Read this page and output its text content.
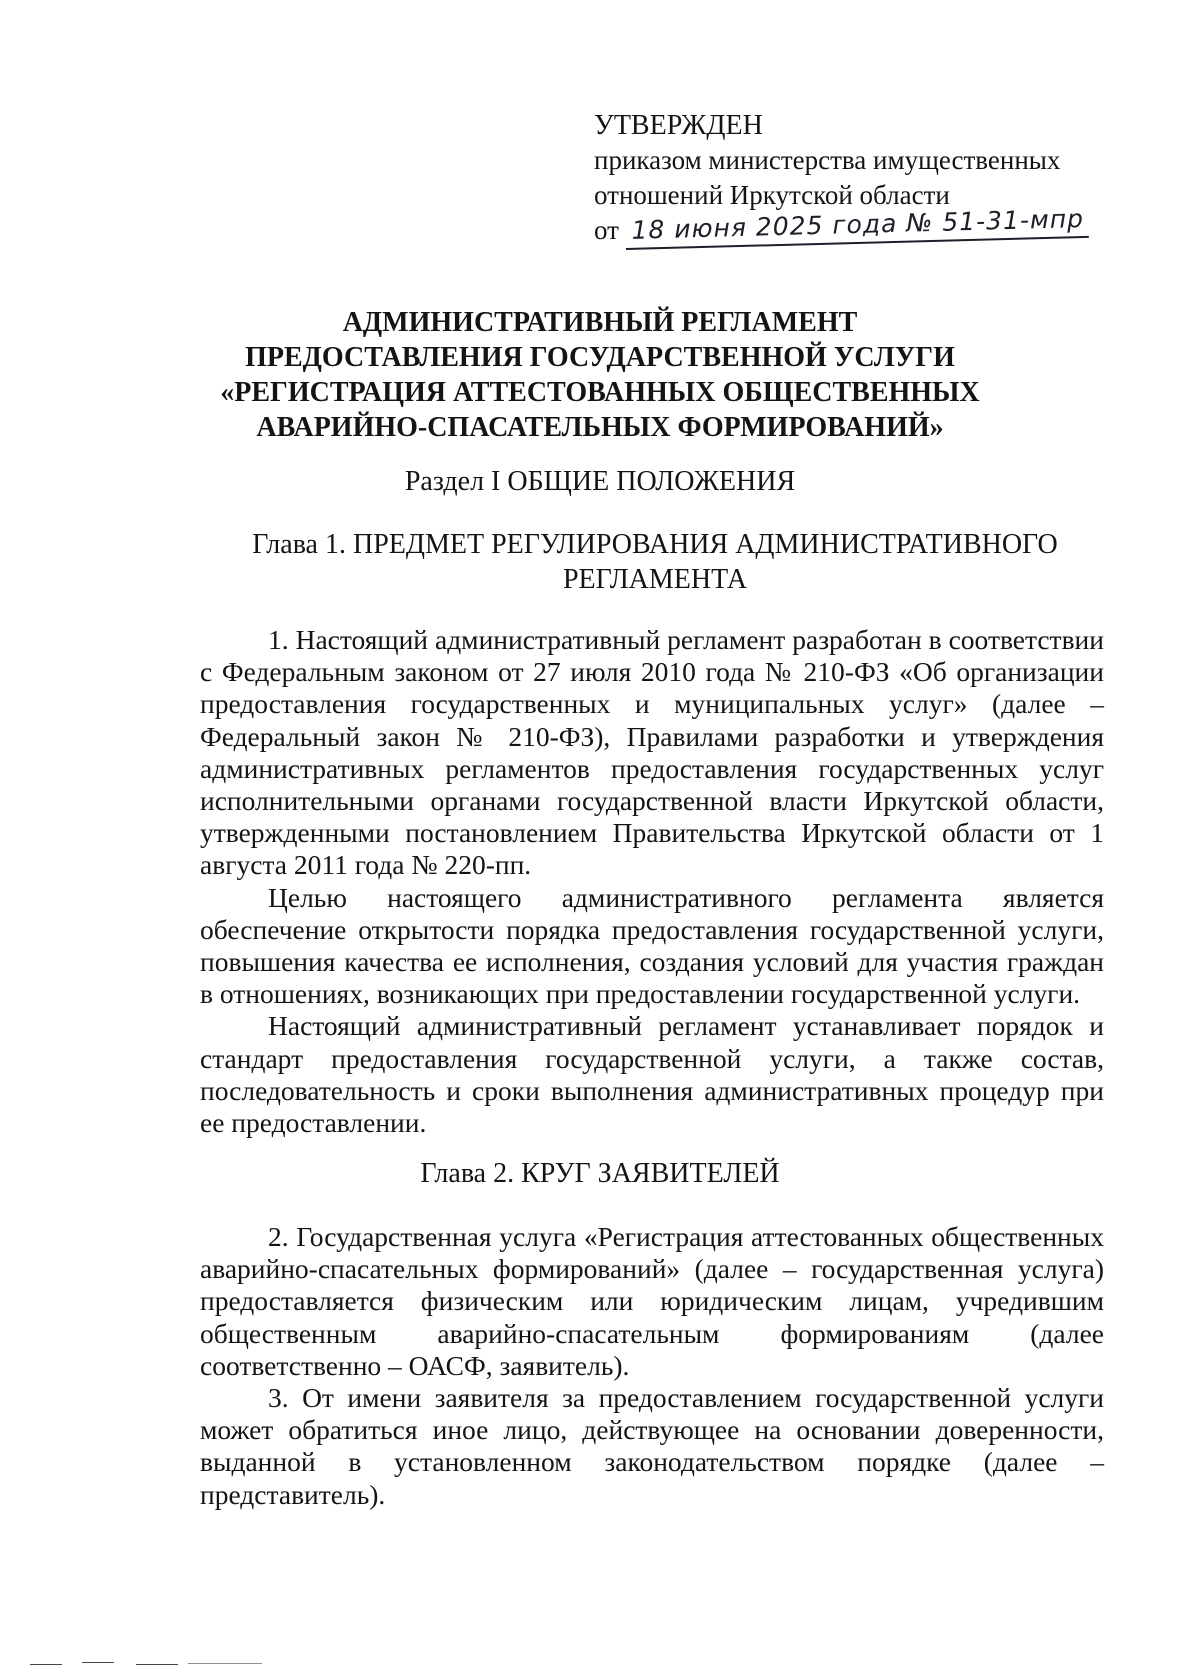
УТВЕРЖДЕН
приказом министерства имущественных
отношений Иркутской области
от 18 июня 2025 года № 51-31-мпр
АДМИНИСТРАТИВНЫЙ РЕГЛАМЕНТ
ПРЕДОСТАВЛЕНИЯ ГОСУДАРСТВЕННОЙ УСЛУГИ
«РЕГИСТРАЦИЯ АТТЕСТОВАННЫХ ОБЩЕСТВЕННЫХ
АВАРИЙНО-СПАСАТЕЛЬНЫХ ФОРМИРОВАНИЙ»
Раздел I ОБЩИЕ ПОЛОЖЕНИЯ
Глава 1. ПРЕДМЕТ РЕГУЛИРОВАНИЯ АДМИНИСТРАТИВНОГО РЕГЛАМЕНТА

1. Настоящий административный регламент разработан в соответствии с Федеральным законом от 27 июля 2010 года № 210-ФЗ «Об организации предоставления государственных и муниципальных услуг» (далее – Федеральный закон № 210-ФЗ), Правилами разработки и утверждения административных регламентов предоставления государственных услуг исполнительными органами государственной власти Иркутской области, утвержденными постановлением Правительства Иркутской области от 1 августа 2011 года № 220-пп.

Целью настоящего административного регламента является обеспечение открытости порядка предоставления государственной услуги, повышения качества ее исполнения, создания условий для участия граждан в отношениях, возникающих при предоставлении государственной услуги.

Настоящий административный регламент устанавливает порядок и стандарт предоставления государственной услуги, а также состав, последовательность и сроки выполнения административных процедур при ее предоставлении.

Глава 2. КРУГ ЗАЯВИТЕЛЕЙ

2. Государственная услуга «Регистрация аттестованных общественных аварийно-спасательных формирований» (далее – государственная услуга) предоставляется физическим или юридическим лицам, учредившим общественным аварийно-спасательным формированиям (далее соответственно – ОАСФ, заявитель).

3. От имени заявителя за предоставлением государственной услуги может обратиться иное лицо, действующее на основании доверенности, выданной в установленном законодательством порядке (далее – представитель).
